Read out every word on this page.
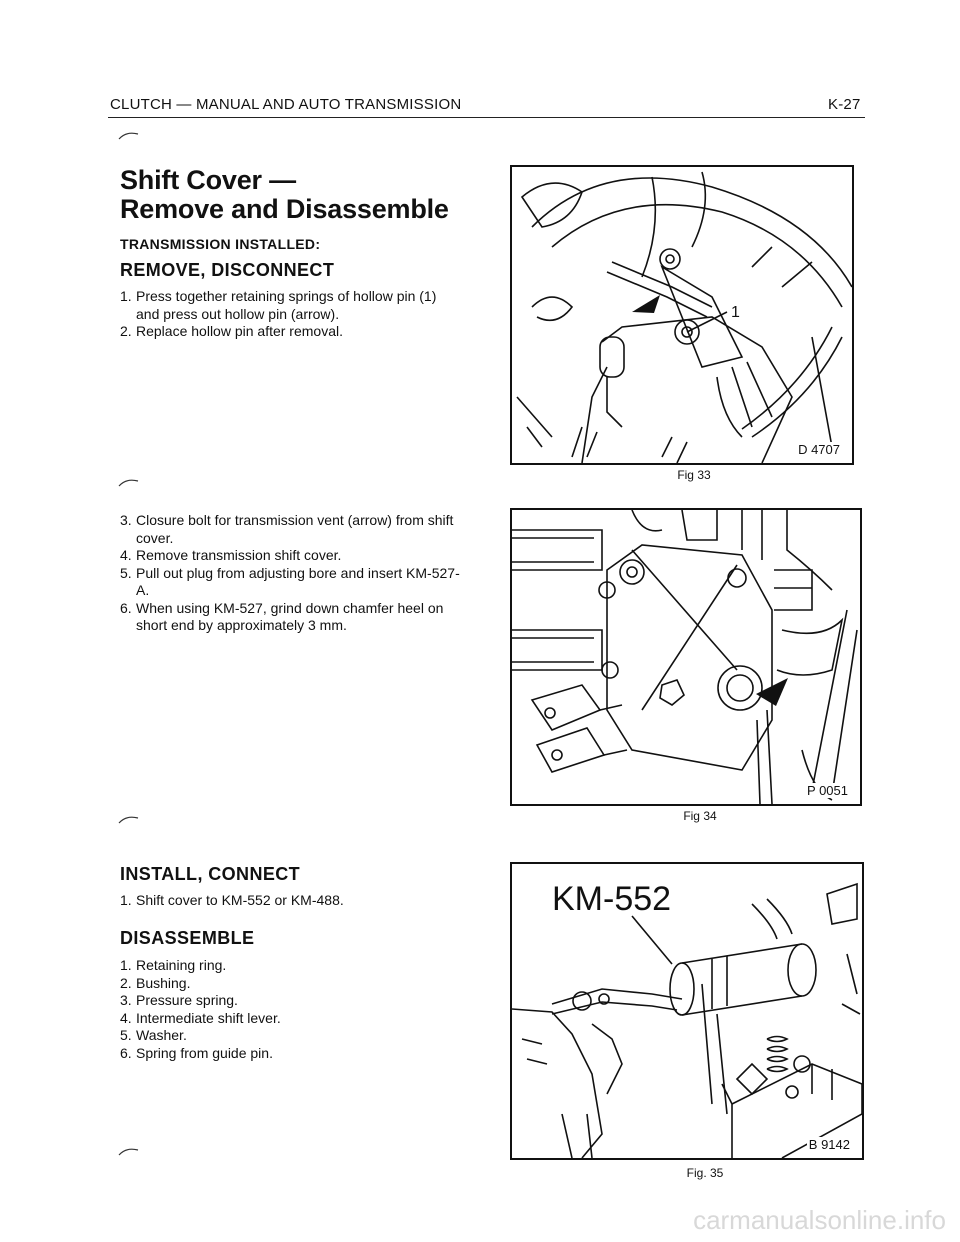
CLUTCH — MANUAL AND AUTO TRANSMISSION	K-27
Shift Cover —
Remove and Disassemble
TRANSMISSION INSTALLED:
REMOVE, DISCONNECT
1. Press together retaining springs of hollow pin (1) and press out hollow pin (arrow).
2. Replace hollow pin after removal.
3. Closure bolt for transmission vent (arrow) from shift cover.
4. Remove transmission shift cover.
5. Pull out plug from adjusting bore and insert KM-527-A.
6. When using KM-527, grind down chamfer heel on short end by approximately 3 mm.
INSTALL, CONNECT
1. Shift cover to KM-552 or KM-488.
DISASSEMBLE
1. Retaining ring.
2. Bushing.
3. Pressure spring.
4. Intermediate shift lever.
5. Washer.
6. Spring from guide pin.
1
D 4707
Fig 33
P 0051
Fig 34
KM-552
B 9142
Fig. 35
carmanualsonline.info
